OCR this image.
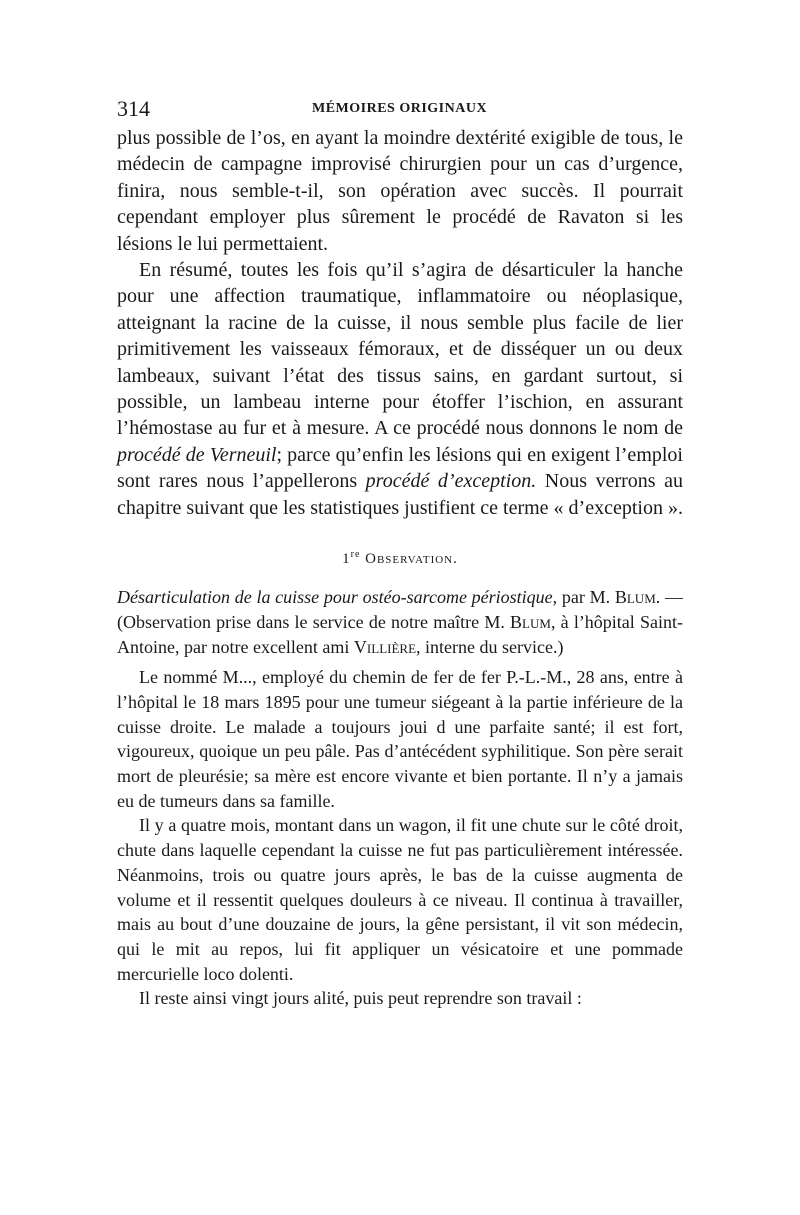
314	MÉMOIRES ORIGINAUX

plus possible de l’os, en ayant la moindre dextérité exigible de tous, le médecin de campagne improvisé chirurgien pour un cas d’urgence, finira, nous semble-t-il, son opération avec succès. Il pourrait cependant employer plus sûrement le procédé de Ravaton si les lésions le lui permettaient.

En résumé, toutes les fois qu’il s’agira de désarticuler la hanche pour une affection traumatique, inflammatoire ou néoplasique, atteignant la racine de la cuisse, il nous semble plus facile de lier primitivement les vaisseaux fémoraux, et de disséquer un ou deux lambeaux, suivant l’état des tissus sains, en gardant surtout, si possible, un lambeau interne pour étoffer l’ischion, en assurant l’hémostase au fur et à mesure. A ce procédé nous donnons le nom de procédé de Verneuil; parce qu’enfin les lésions qui en exigent l’emploi sont rares nous l’appellerons procédé d’exception. Nous verrons au chapitre suivant que les statistiques justifient ce terme « d’exception ».

1re Observation.

Désarticulation de la cuisse pour ostéo-sarcome périostique, par M. Blum. — (Observation prise dans le service de notre maître M. Blum, à l’hôpital Saint-Antoine, par notre excellent ami Villière, interne du service.)

Le nommé M..., employé du chemin de fer de fer P.-L.-M., 28 ans, entre à l’hôpital le 18 mars 1895 pour une tumeur siégeant à la partie inférieure de la cuisse droite. Le malade a toujours joui d une parfaite santé; il est fort, vigoureux, quoique un peu pâle. Pas d’antécédent syphilitique. Son père serait mort de pleurésie; sa mère est encore vivante et bien portante. Il n’y a jamais eu de tumeurs dans sa famille.

Il y a quatre mois, montant dans un wagon, il fit une chute sur le côté droit, chute dans laquelle cependant la cuisse ne fut pas particulièrement intéressée. Néanmoins, trois ou quatre jours après, le bas de la cuisse augmenta de volume et il ressentit quelques douleurs à ce niveau. Il continua à travailler, mais au bout d’une douzaine de jours, la gêne persistant, il vit son médecin, qui le mit au repos, lui fit appliquer un vésicatoire et une pommade mercurielle loco dolenti.

Il reste ainsi vingt jours alité, puis peut reprendre son travail :
